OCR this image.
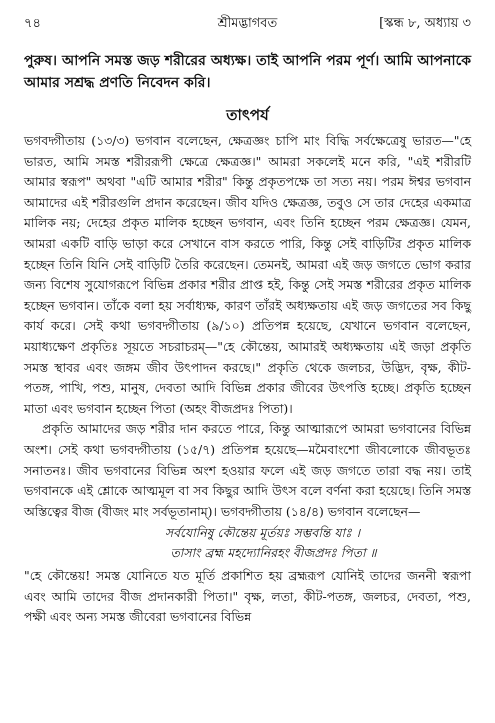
৭৪	শ্রীমদ্ভাগবত	[স্কন্ধ ৮, অধ্যায় ৩

পুরুষ। আপনি সমস্ত জড় শরীরের অধ্যক্ষ। তাই আপনি পরম পূর্ণ। আমি আপনাকে আমার সশ্রদ্ধ প্রণতি নিবেদন করি।

তাৎপর্য

ভগবদ্গীতায় (১৩/৩) ভগবান বলেছেন, ক্ষেত্রজ্ঞং চাপি মাং বিদ্ধি সর্বক্ষেত্রেষু ভারত—"হে ভারত, আমি সমস্ত শরীররূপী ক্ষেত্রে ক্ষেত্রজ্ঞ।" আমরা সকলেই মনে করি, "এই শরীরটি আমার স্বরূপ" অথবা "এটি আমার শরীর" কিন্তু প্রকৃতপক্ষে তা সত্য নয়। পরম ঈশ্বর ভগবান আমাদের এই শরীরগুলি প্রদান করেছেন। জীব যদিও ক্ষেত্রজ্ঞ, তবুও সে তার দেহের একমাত্র মালিক নয়; দেহের প্রকৃত মালিক হচ্ছেন ভগবান, এবং তিনি হচ্ছেন পরম ক্ষেত্রজ্ঞ। যেমন, আমরা একটি বাড়ি ভাড়া করে সেখানে বাস করতে পারি, কিন্তু সেই বাড়িটির প্রকৃত মালিক হচ্ছেন তিনি যিনি সেই বাড়িটি তৈরি করেছেন। তেমনই, আমরা এই জড় জগতে ভোগ করার জন্য বিশেষ সুযোগরূপে বিভিন্ন প্রকার শরীর প্রাপ্ত হই, কিন্তু সেই সমস্ত শরীরের প্রকৃত মালিক হচ্ছেন ভগবান। তাঁকে বলা হয় সর্বাধ্যক্ষ, কারণ তাঁরই অধ্যক্ষতায় এই জড় জগতের সব কিছু কার্য করে। সেই কথা ভগবদ্গীতায় (৯/১০) প্রতিপন্ন হয়েছে, যেখানে ভগবান বলেছেন, ময়াধ্যক্ষেণ প্রকৃতিঃ সূয়তে সচরাচরম্—"হে কৌন্তেয়, আমারই অধ্যক্ষতায় এই জড়া প্রকৃতি সমস্ত স্থাবর এবং জঙ্গম জীব উৎপাদন করছে।" প্রকৃতি থেকে জলচর, উদ্ভিদ, বৃক্ষ, কীট-পতঙ্গ, পাখি, পশু, মানুষ, দেবতা আদি বিভিন্ন প্রকার জীবের উৎপত্তি হচ্ছে। প্রকৃতি হচ্ছেন মাতা এবং ভগবান হচ্ছেন পিতা (অহং বীজপ্রদঃ পিতা)।

প্রকৃতি আমাদের জড় শরীর দান করতে পারে, কিন্তু আত্মারূপে আমরা ভগবানের বিভিন্ন অংশ। সেই কথা ভগবদ্গীতায় (১৫/৭) প্রতিপন্ন হয়েছে—মমৈবাংশো জীবলোকে জীবভূতঃ সনাতনঃ। জীব ভগবানের বিভিন্ন অংশ হওয়ার ফলে এই জড় জগতে তারা বদ্ধ নয়। তাই ভগবানকে এই শ্লোকে আত্মমূল বা সব কিছুর আদি উৎস বলে বর্ণনা করা হয়েছে। তিনি সমস্ত অস্তিত্বের বীজ (বীজং মাং সর্বভূতানাম্)। ভগবদ্গীতায় (১৪/৪) ভগবান বলেছেন—

সর্বযোনিষু কৌন্তেয় মূর্তয়ঃ সম্ভবন্তি যাঃ ।
তাসাং ব্রহ্ম মহদ্যোনিরহং বীজপ্রদঃ পিতা ॥

"হে কৌন্তেয়! সমস্ত যোনিতে যত মূর্তি প্রকাশিত হয় ব্রহ্মরূপ যোনিই তাদের জননী স্বরূপা এবং আমি তাদের বীজ প্রদানকারী পিতা।" বৃক্ষ, লতা, কীট-পতঙ্গ, জলচর, দেবতা, পশু, পক্ষী এবং অন্য সমস্ত জীবেরা ভগবানের বিভিন্ন
